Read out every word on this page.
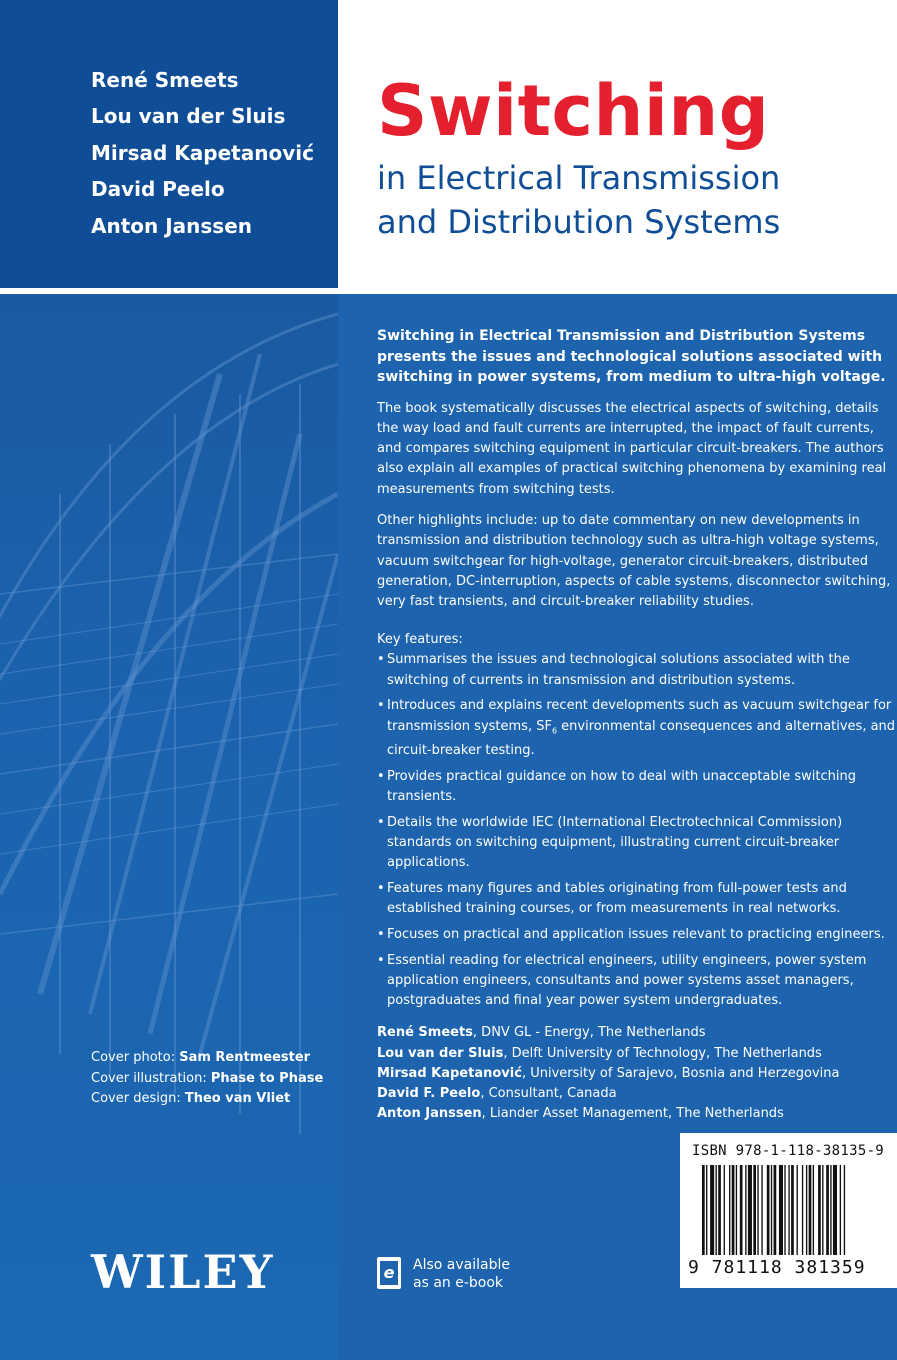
René Smeets
Lou van der Sluis
Mirsad Kapetanović
David Peelo
Anton Janssen
Switching
in Electrical Transmission
and Distribution Systems

Switching in Electrical Transmission and Distribution Systems presents the issues and technological solutions associated with switching in power systems, from medium to ultra-high voltage.

The book systematically discusses the electrical aspects of switching, details the way load and fault currents are interrupted, the impact of fault currents, and compares switching equipment in particular circuit-breakers. The authors also explain all examples of practical switching phenomena by examining real measurements from switching tests.

Other highlights include: up to date commentary on new developments in transmission and distribution technology such as ultra-high voltage systems, vacuum switchgear for high-voltage, generator circuit-breakers, distributed generation, DC-interruption, aspects of cable systems, disconnector switching, very fast transients, and circuit-breaker reliability studies.

Key features:

• Summarises the issues and technological solutions associated with the switching of currents in transmission and distribution systems.
• Introduces and explains recent developments such as vacuum switchgear for transmission systems, $SF_6$ environmental consequences and alternatives, and circuit-breaker testing.
• Provides practical guidance on how to deal with unacceptable switching transients.
• Details the worldwide IEC (International Electrotechnical Commission) standards on switching equipment, illustrating current circuit-breaker applications.
• Features many figures and tables originating from full-power tests and established training courses, or from measurements in real networks.
• Focuses on practical and application issues relevant to practicing engineers.
• Essential reading for electrical engineers, utility engineers, power system application engineers, consultants and power systems asset managers, postgraduates and final year power system undergraduates.
René Smeets, DNV GL - Energy, The Netherlands
Lou van der Sluis, Delft University of Technology, The Netherlands
Mirsad Kapetanović, University of Sarajevo, Bosnia and Herzegovina
David F. Peelo, Consultant, Canada
Anton Janssen, Liander Asset Management, The Netherlands
Cover photo: Sam Rentmeester
Cover illustration: Phase to Phase
Cover design: Theo van Vliet
WILEY	e Also available
as an e-book
ISBN 978-1-118-38135-9
9 781118 381359
